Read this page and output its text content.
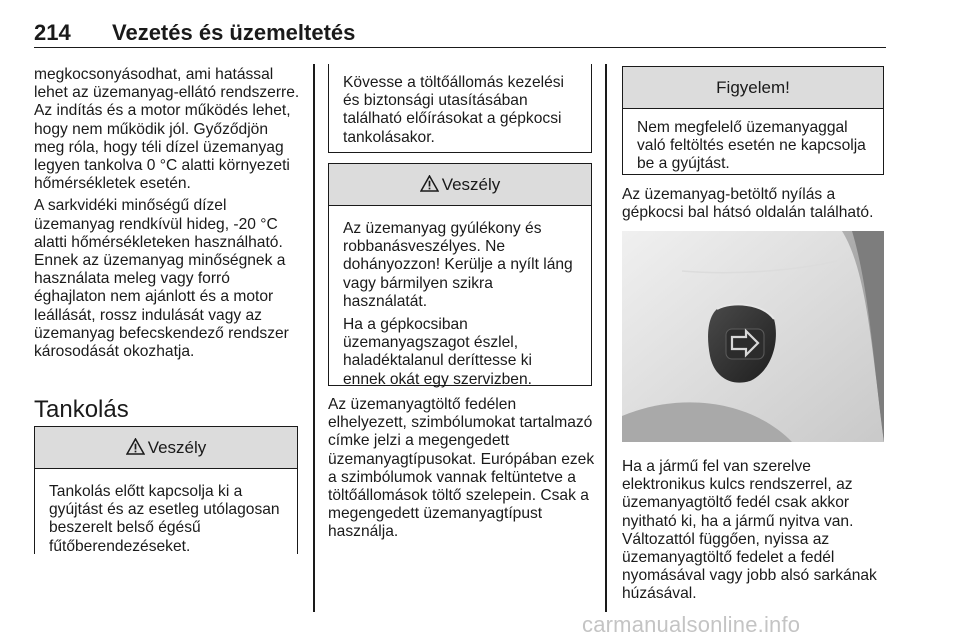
214 Vezetés és üzemeltetés

megkocsonyásodhat, ami hatással lehet az üzemanyag-ellátó rendszerre. Az indítás és a motor működés lehet, hogy nem működik jól. Győződjön meg róla, hogy téli dízel üzemanyag legyen tankolva 0 °C alatti környezeti hőmérsékletek esetén.

A sarkvidéki minőségű dízel üzemanyag rendkívül hideg, -20 °C alatti hőmérsékleteken használható. Ennek az üzemanyag minőségnek a használata meleg vagy forró éghajlaton nem ajánlott és a motor leállását, rossz indulását vagy az üzemanyag befecskendező rendszer károsodását okozhatja.

Tankolás
Veszély

Tankolás előtt kapcsolja ki a gyújtást és az esetleg utólagosan beszerelt belső égésű fűtőberendezéseket.

Kövesse a töltőállomás kezelési és biztonsági utasításában található előírásokat a gépkocsi tankolásakor.

Veszély

Az üzemanyag gyúlékony és robbanásveszélyes. Ne dohányozzon! Kerülje a nyílt láng vagy bármilyen szikra használatát.

Ha a gépkocsiban üzemanyagszagot észlel, haladéktalanul deríttesse ki ennek okát egy szervizben.

Az üzemanyagtöltő fedélen elhelyezett, szimbólumokat tartalmazó címke jelzi a megengedett üzemanyagtípusokat. Európában ezek a szimbólumok vannak feltüntetve a töltőállomások töltő szelepein. Csak a megengedett üzemanyagtípust használja.

Figyelem!

Nem megfelelő üzemanyaggal való feltöltés esetén ne kapcsolja be a gyújtást.

Az üzemanyag-betöltő nyílás a gépkocsi bal hátsó oldalán található.

Ha a jármű fel van szerelve elektronikus kulcs rendszerrel, az üzemanyagtöltő fedél csak akkor nyitható ki, ha a jármű nyitva van. Változattól függően, nyissa az üzemanyagtöltő fedelet a fedél nyomásával vagy jobb alsó sarkának húzásával.

carmanualsonline.info
